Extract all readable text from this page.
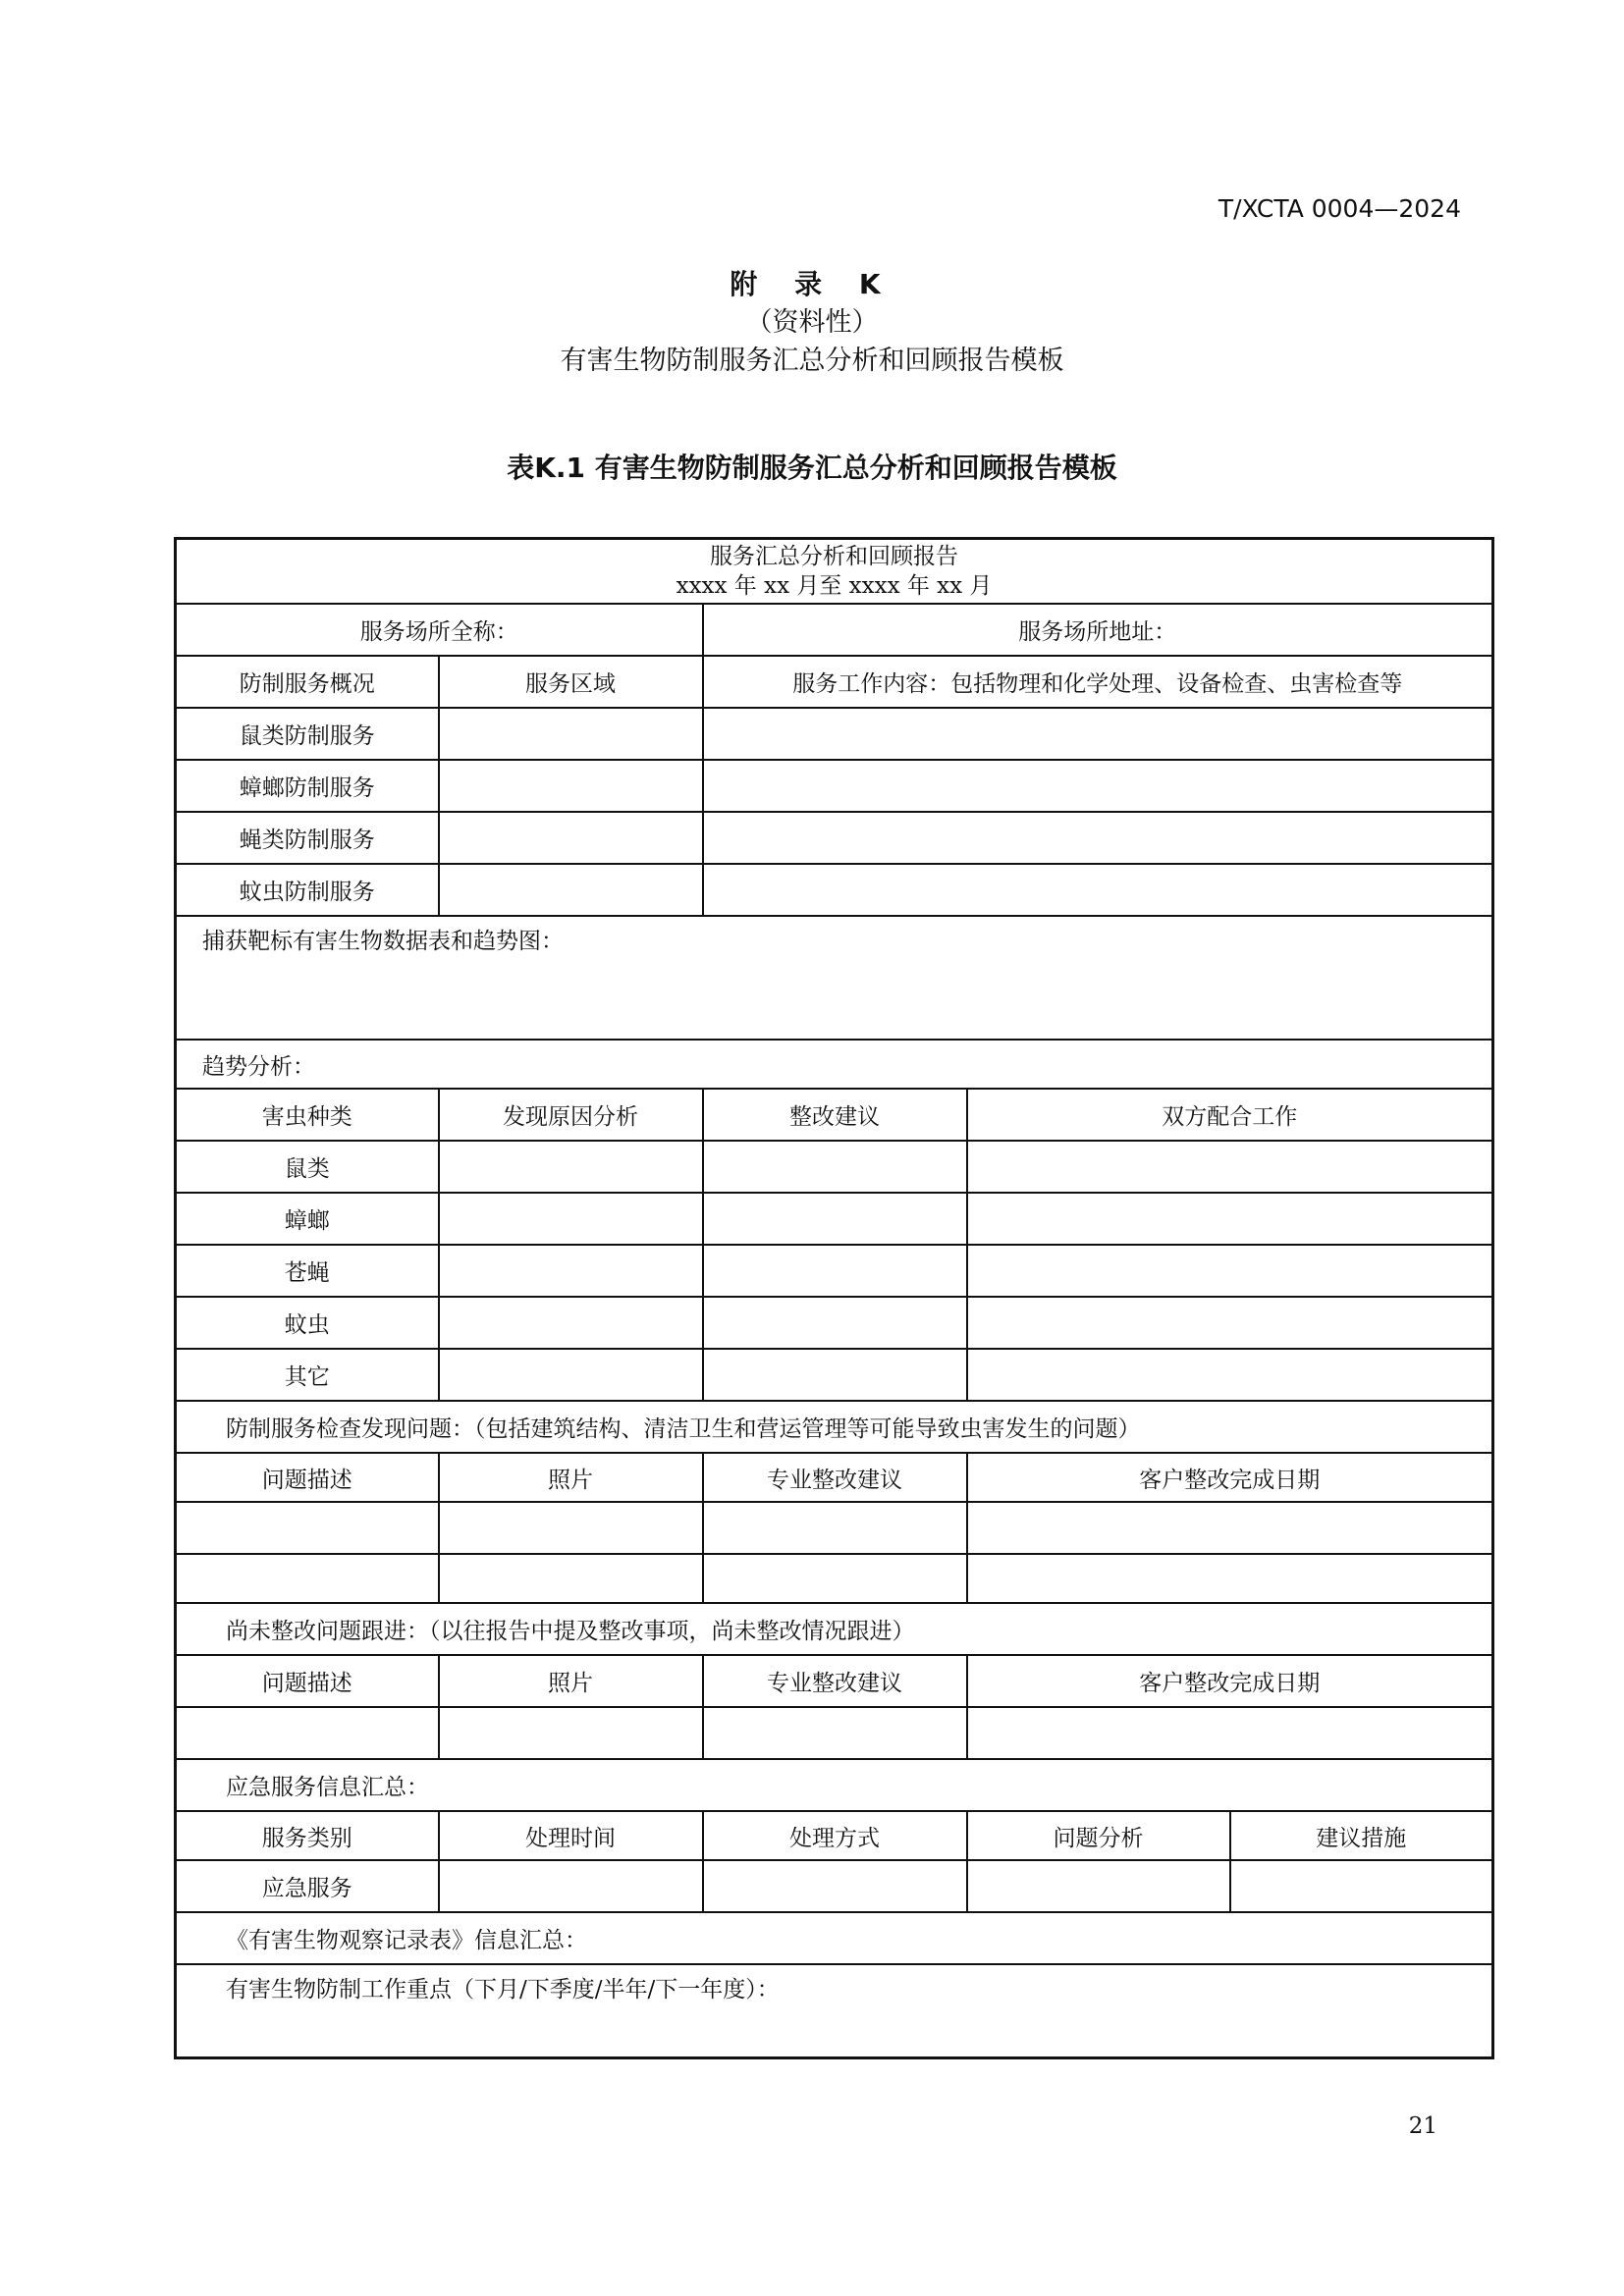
T/XCTA 0004—2024
附 录 K
（资料性）
有害生物防制服务汇总分析和回顾报告模板
表K.1 有害生物防制服务汇总分析和回顾报告模板
服务汇总分析和回顾报告
xxxx 年 xx 月至 xxxx 年 xx 月				

服务场所全称：		服务场所地址：		
防制服务概况	服务区域	服务工作内容：包括物理和化学处理、设备检查、虫害检查等		
鼠类防制服务				
蟑螂防制服务				
蝇类防制服务				
蚊虫防制服务				
捕获靶标有害生物数据表和趋势图：				
趋势分析：				
害虫种类	发现原因分析	整改建议	双方配合工作	
鼠类				
蟑螂				
苍蝇				
蚊虫				
其它				
防制服务检查发现问题：（包括建筑结构、清洁卫生和营运管理等可能导致虫害发生的问题）				
问题描述	照片	专业整改建议	客户整改完成日期	

尚未整改问题跟进：（以往报告中提及整改事项，尚未整改情况跟进）				
问题描述	照片	专业整改建议	客户整改完成日期	

应急服务信息汇总：				
服务类别	处理时间	处理方式	问题分析	建议措施
应急服务				
《有害生物观察记录表》信息汇总：				
有害生物防制工作重点（下月/下季度/半年/下一年度）：				
21
